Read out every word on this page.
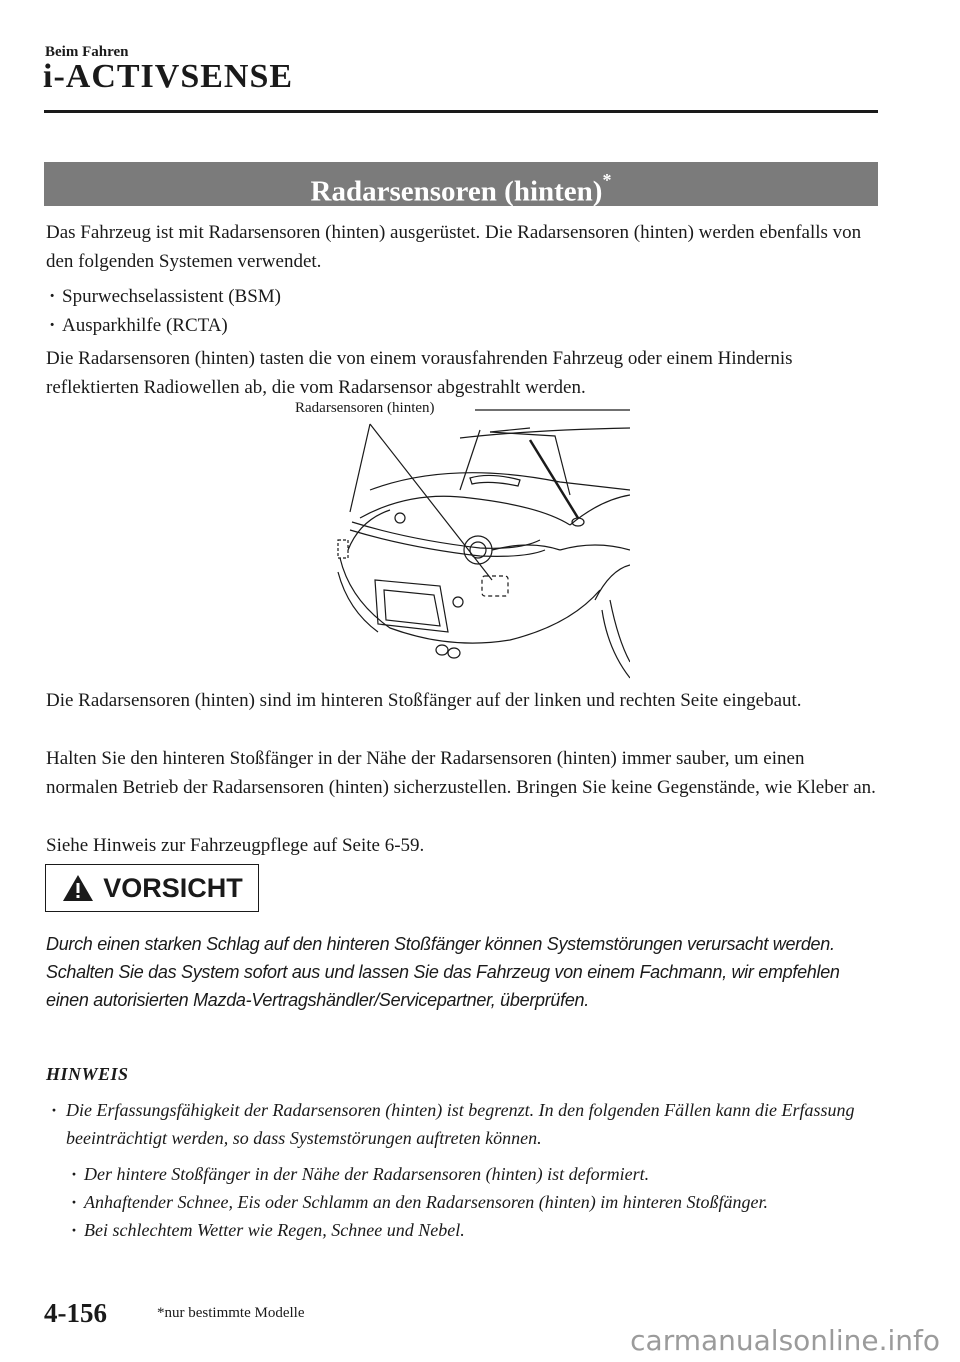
Beim Fahren
i-ACTIVSENSE
Radarsensoren (hinten)*

Das Fahrzeug ist mit Radarsensoren (hinten) ausgerüstet. Die Radarsensoren (hinten) werden ebenfalls von den folgenden Systemen verwendet.

· Spurwechselassistent (BSM)
· Ausparkhilfe (RCTA)

Die Radarsensoren (hinten) tasten die von einem vorausfahrenden Fahrzeug oder einem Hindernis reflektierten Radiowellen ab, die vom Radarsensor abgestrahlt werden.

Radarsensoren (hinten)

Die Radarsensoren (hinten) sind im hinteren Stoßfänger auf der linken und rechten Seite eingebaut.

Halten Sie den hinteren Stoßfänger in der Nähe der Radarsensoren (hinten) immer sauber, um einen normalen Betrieb der Radarsensoren (hinten) sicherzustellen. Bringen Sie keine Gegenstände, wie Kleber an.

Siehe Hinweis zur Fahrzeugpflege auf Seite 6-59.

VORSICHT

Durch einen starken Schlag auf den hinteren Stoßfänger können Systemstörungen verursacht werden. Schalten Sie das System sofort aus und lassen Sie das Fahrzeug von einem Fachmann, wir empfehlen einen autorisierten Mazda-Vertragshändler/Servicepartner, überprüfen.

HINWEIS
· Die Erfassungsfähigkeit der Radarsensoren (hinten) ist begrenzt. In den folgenden Fällen kann die Erfassung beeinträchtigt werden, so dass Systemstörungen auftreten können.
· Der hintere Stoßfänger in der Nähe der Radarsensoren (hinten) ist deformiert.
· Anhaftender Schnee, Eis oder Schlamm an den Radarsensoren (hinten) im hinteren Stoßfänger.
· Bei schlechtem Wetter wie Regen, Schnee und Nebel.
4-156	*nur bestimmte Modelle
carmanualsonline.info
